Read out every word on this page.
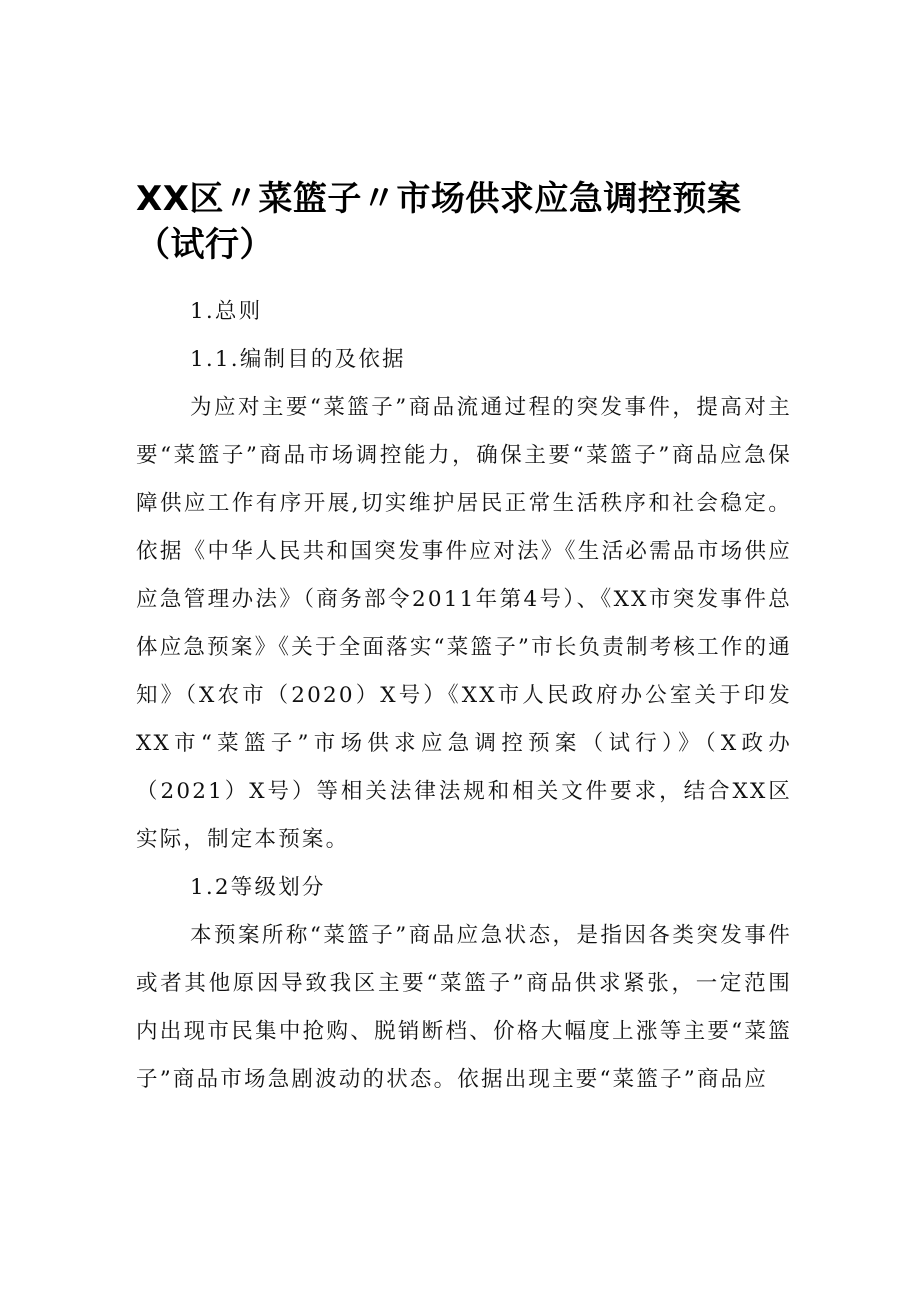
XX区〃菜篮子〃市场供求应急调控预案（试行）

1.总则

1.1.编制目的及依据

为应对主要“菜篮子”商品流通过程的突发事件，提高对主要“菜篮子”商品市场调控能力，确保主要“菜篮子”商品应急保障供应工作有序开展,切实维护居民正常生活秩序和社会稳定。依据《中华人民共和国突发事件应对法》《生活必需品市场供应应急管理办法》（商务部令2011年第4号）、《XX市突发事件总体应急预案》《关于全面落实“菜篮子”市长负责制考核工作的通知》（X农市（2020）X号）《XX市人民政府办公室关于印发XX市“菜篮子”市场供求应急调控预案（试行）》（X政办（2021）X号）等相关法律法规和相关文件要求，结合XX区实际，制定本预案。

1.2等级划分

本预案所称“菜篮子”商品应急状态，是指因各类突发事件或者其他原因导致我区主要“菜篮子”商品供求紧张，一定范围内出现市民集中抢购、脱销断档、价格大幅度上涨等主要“菜篮子”商品市场急剧波动的状态。依据出现主要“菜篮子”商品应
